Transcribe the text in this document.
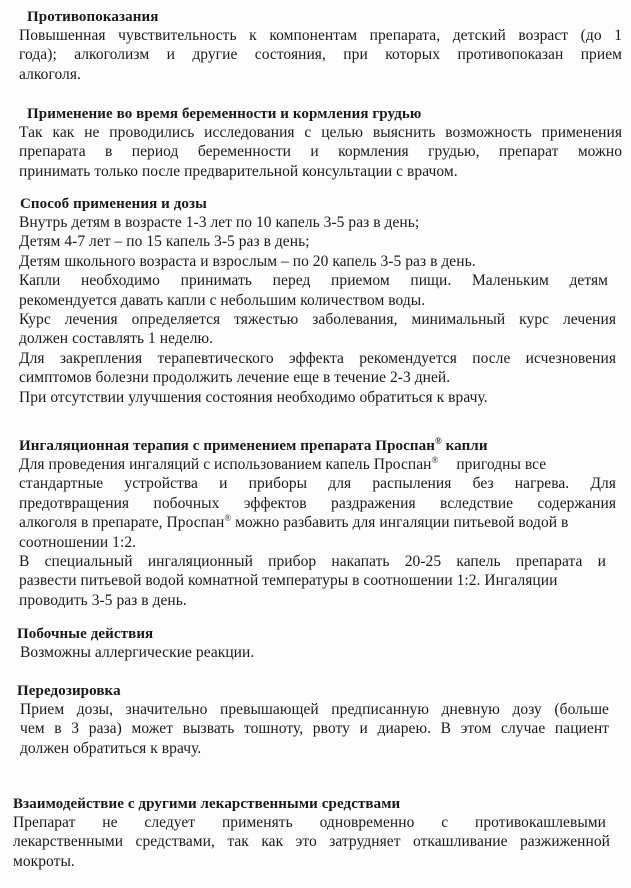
Противопоказания

Повышенная чувствительность к компонентам препарата, детский возраст (до 1

года); алкоголизм и другие состояния, при которых противопоказан прием

алкоголя.

Применение во время беременности и кормления грудью

Так как не проводились исследования с целью выяснить возможность применения

препарата в период беременности и кормления грудью, препарат можно

принимать только после предварительной консультации с врачом.

Способ применения и дозы

Внутрь детям в возрасте 1-3 лет по 10 капель 3-5 раз в день;

Детям 4-7 лет – по 15 капель 3-5 раз в день;

Детям школьного возраста и взрослым – по 20 капель 3-5 раз в день.

Капли необходимо принимать перед приемом пищи. Маленьким детям

рекомендуется давать капли с небольшим количеством воды.

Курс лечения определяется тяжестью заболевания, минимальный курс лечения

должен составлять 1 неделю.

Для закрепления терапевтического эффекта рекомендуется после исчезновения

симптомов болезни продолжить лечение еще в течение 2-3 дней.

При отсутствии улучшения состояния необходимо обратиться к врачу.

Ингаляционная терапия с применением препарата Проспан® капли

Для проведения ингаляций с использованием капель Проспан® пригодны все

стандартные устройства и приборы для распыления без нагрева. Для

предотвращения побочных эффектов раздражения вследствие содержания

алкоголя в препарате, Проспан® можно разбавить для ингаляции питьевой водой в

соотношении 1:2.

В специальный ингаляционный прибор накапать 20-25 капель препарата и

развести питьевой водой комнатной температуры в соотношении 1:2. Ингаляции

проводить 3-5 раз в день.

Побочные действия

Возможны аллергические реакции.

Передозировка

Прием дозы, значительно превышающей предписанную дневную дозу (больше

чем в 3 раза) может вызвать тошноту, рвоту и диарею. В этом случае пациент

должен обратиться к врачу.

Взаимодействие с другими лекарственными средствами

Препарат не следует применять одновременно с противокашлевыми

лекарственными средствами, так как это затрудняет откашливание разжиженной

мокроты.
